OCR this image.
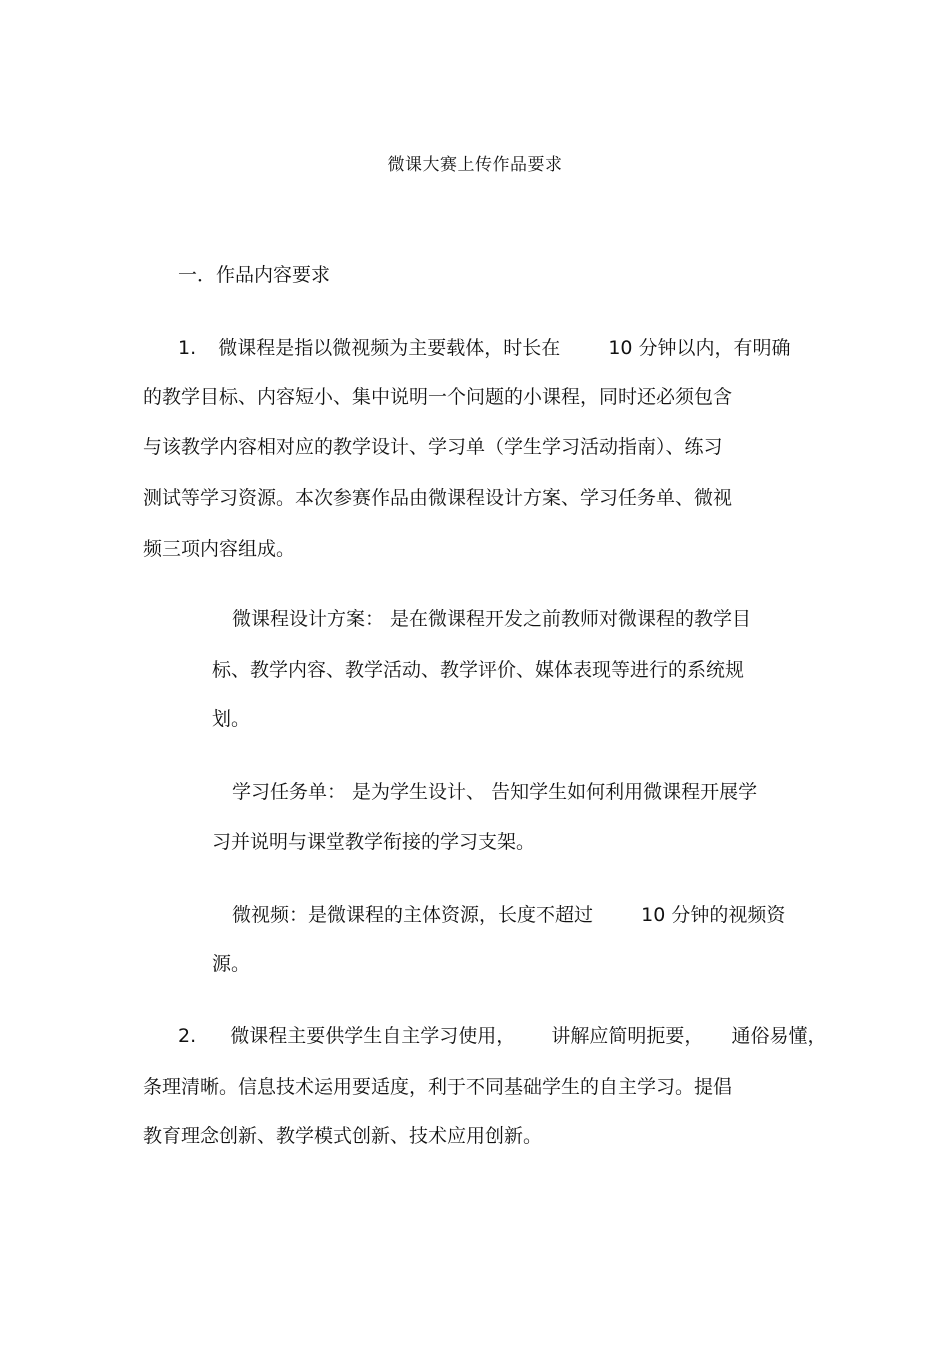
微课大赛上传作品要求
一．作品内容要求
1. 微课程是指以微视频为主要载体，时长在	10 分钟以内，有明确
的教学目标、内容短小、集中说明一个问题的小课程，同时还必须包含
与该教学内容相对应的教学设计、学习单（学生学习活动指南）、练习
测试等学习资源。本次参赛作品由微课程设计方案、学习任务单、微视
频三项内容组成。
微课程设计方案： 是在微课程开发之前教师对微课程的教学目
标、教学内容、教学活动、教学评价、媒体表现等进行的系统规
划。
学习任务单： 是为学生设计、 告知学生如何利用微课程开展学
习并说明与课堂教学衔接的学习支架。
微视频：是微课程的主体资源，长度不超过	10 分钟的视频资
源。
2. 微课程主要供学生自主学习使用， 讲解应简明扼要， 通俗易懂，
条理清晰。信息技术运用要适度，利于不同基础学生的自主学习。提倡
教育理念创新、教学模式创新、技术应用创新。
